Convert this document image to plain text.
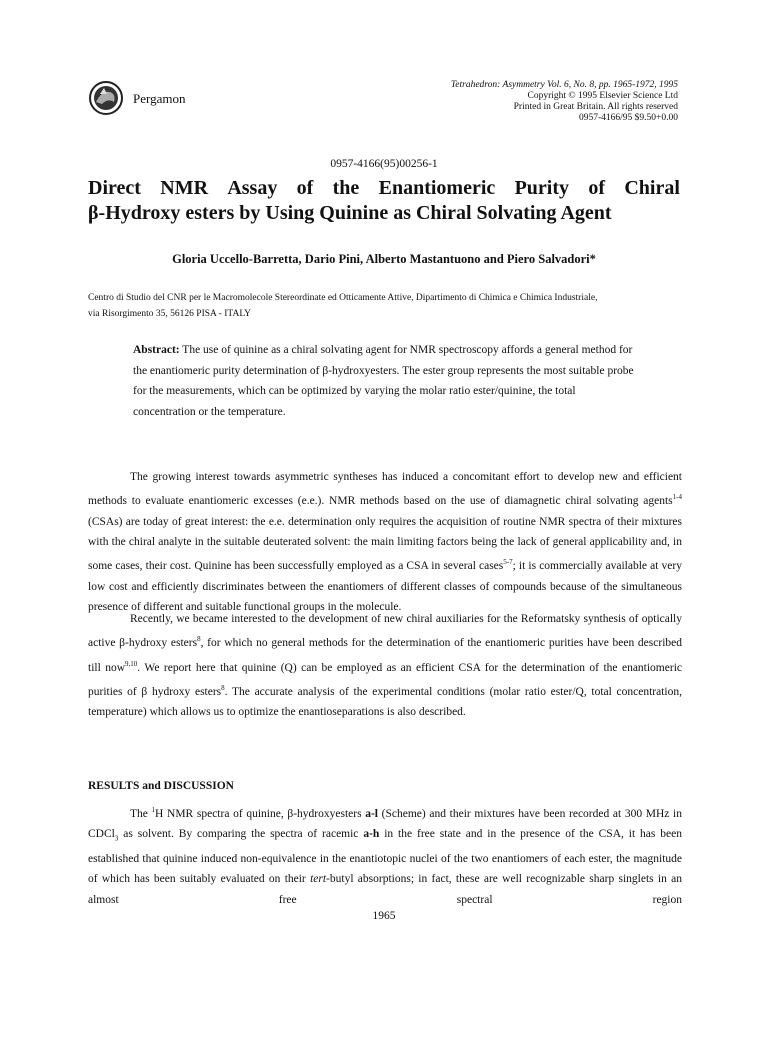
Pergamon
Tetrahedron: Asymmetry Vol. 6, No. 8, pp. 1965-1972, 1995
Copyright © 1995 Elsevier Science Ltd
Printed in Great Britain. All rights reserved
0957-4166/95 $9.50+0.00
0957-4166(95)00256-1
Direct NMR Assay of the Enantiomeric Purity of Chiral
β-Hydroxy esters by Using Quinine as Chiral Solvating Agent
Gloria Uccello-Barretta, Dario Pini, Alberto Mastantuono and Piero Salvadori*
Centro di Studio del CNR per le Macromolecole Stereordinate ed Otticamente Attive, Dipartimento di Chimica e Chimica Industriale,
via Risorgimento 35, 56126 PISA - ITALY
Abstract: The use of quinine as a chiral solvating agent for NMR spectroscopy affords a general method for the enantiomeric purity determination of β-hydroxyesters. The ester group represents the most suitable probe for the measurements, which can be optimized by varying the molar ratio ester/quinine, the total concentration or the temperature.

The growing interest towards asymmetric syntheses has induced a concomitant effort to develop new and efficient methods to evaluate enantiomeric excesses (e.e.). NMR methods based on the use of diamagnetic chiral solvating agents$^{1-4}$ (CSAs) are today of great interest: the e.e. determination only requires the acquisition of routine NMR spectra of their mixtures with the chiral analyte in the suitable deuterated solvent: the main limiting factors being the lack of general applicability and, in some cases, their cost. Quinine has been successfully employed as a CSA in several cases$^{5-7}$; it is commercially available at very low cost and efficiently discriminates between the enantiomers of different classes of compounds because of the simultaneous presence of different and suitable functional groups in the molecule.

Recently, we became interested to the development of new chiral auxiliaries for the Reformatsky synthesis of optically active β-hydroxy esters$^8$, for which no general methods for the determination of the enantiomeric purities have been described till now$^{9,10}$. We report here that quinine (Q) can be employed as an efficient CSA for the determination of the enantiomeric purities of β hydroxy esters$^8$. The accurate analysis of the experimental conditions (molar ratio ester/Q, total concentration, temperature) which allows us to optimize the enantioseparations is also described.

RESULTS and DISCUSSION

The $^1$H NMR spectra of quinine, β-hydroxyesters a-l (Scheme) and their mixtures have been recorded at 300 MHz in CDCl$_3$ as solvent. By comparing the spectra of racemic a-h in the free state and in the presence of the CSA, it has been established that quinine induced non-equivalence in the enantiotopic nuclei of the two enantiomers of each ester, the magnitude of which has been suitably evaluated on their tert-butyl absorptions; in fact, these are well recognizable sharp singlets in an almost free spectral region

1965
